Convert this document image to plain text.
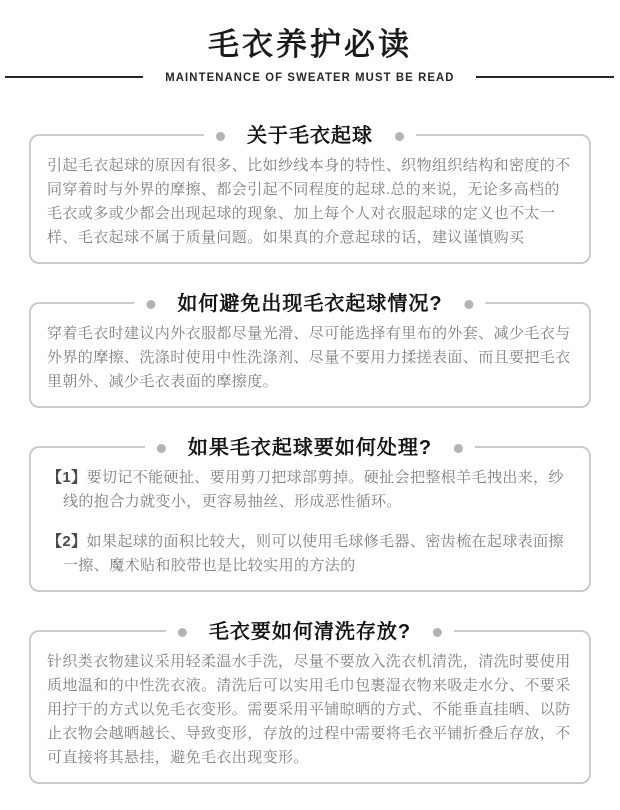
毛衣养护必读
MAINTENANCE OF SWEATER MUST BE READ
关于毛衣起球

引起毛衣起球的原因有很多、比如纱线本身的特性、织物组织结构和密度的不同穿着时与外界的摩擦、都会引起不同程度的起球.总的来说，无论多高档的毛衣或多或少都会出现起球的现象、加上每个人对衣服起球的定义也不太一样、毛衣起球不属于质量问题。如果真的介意起球的话，建议谨慎购买

如何避免出现毛衣起球情况?

穿着毛衣时建议内外衣服都尽量光滑、尽可能选择有里布的外套、减少毛衣与外界的摩擦、洗涤时使用中性洗涤剂、尽量不要用力揉搓表面、而且要把毛衣里朝外、减少毛衣表面的摩擦度。

如果毛衣起球要如何处理?

【1】要切记不能硬扯、要用剪刀把球部剪掉。硬扯会把整根羊毛拽出来，纱线的抱合力就变小，更容易抽丝、形成恶性循环。

【2】如果起球的面积比较大，则可以使用毛球修毛器、密齿梳在起球表面擦一擦、魔术贴和胶带也是比较实用的方法的

毛衣要如何清洗存放?

针织类衣物建议采用轻柔温水手洗，尽量不要放入洗衣机清洗，清洗时要使用质地温和的中性洗衣液。清洗后可以实用毛巾包裹湿衣物来吸走水分、不要采用拧干的方式以免毛衣变形。需要采用平铺晾晒的方式、不能垂直挂晒、以防止衣物会越晒越长、导致变形，存放的过程中需要将毛衣平铺折叠后存放，不可直接将其悬挂，避免毛衣出现变形。
